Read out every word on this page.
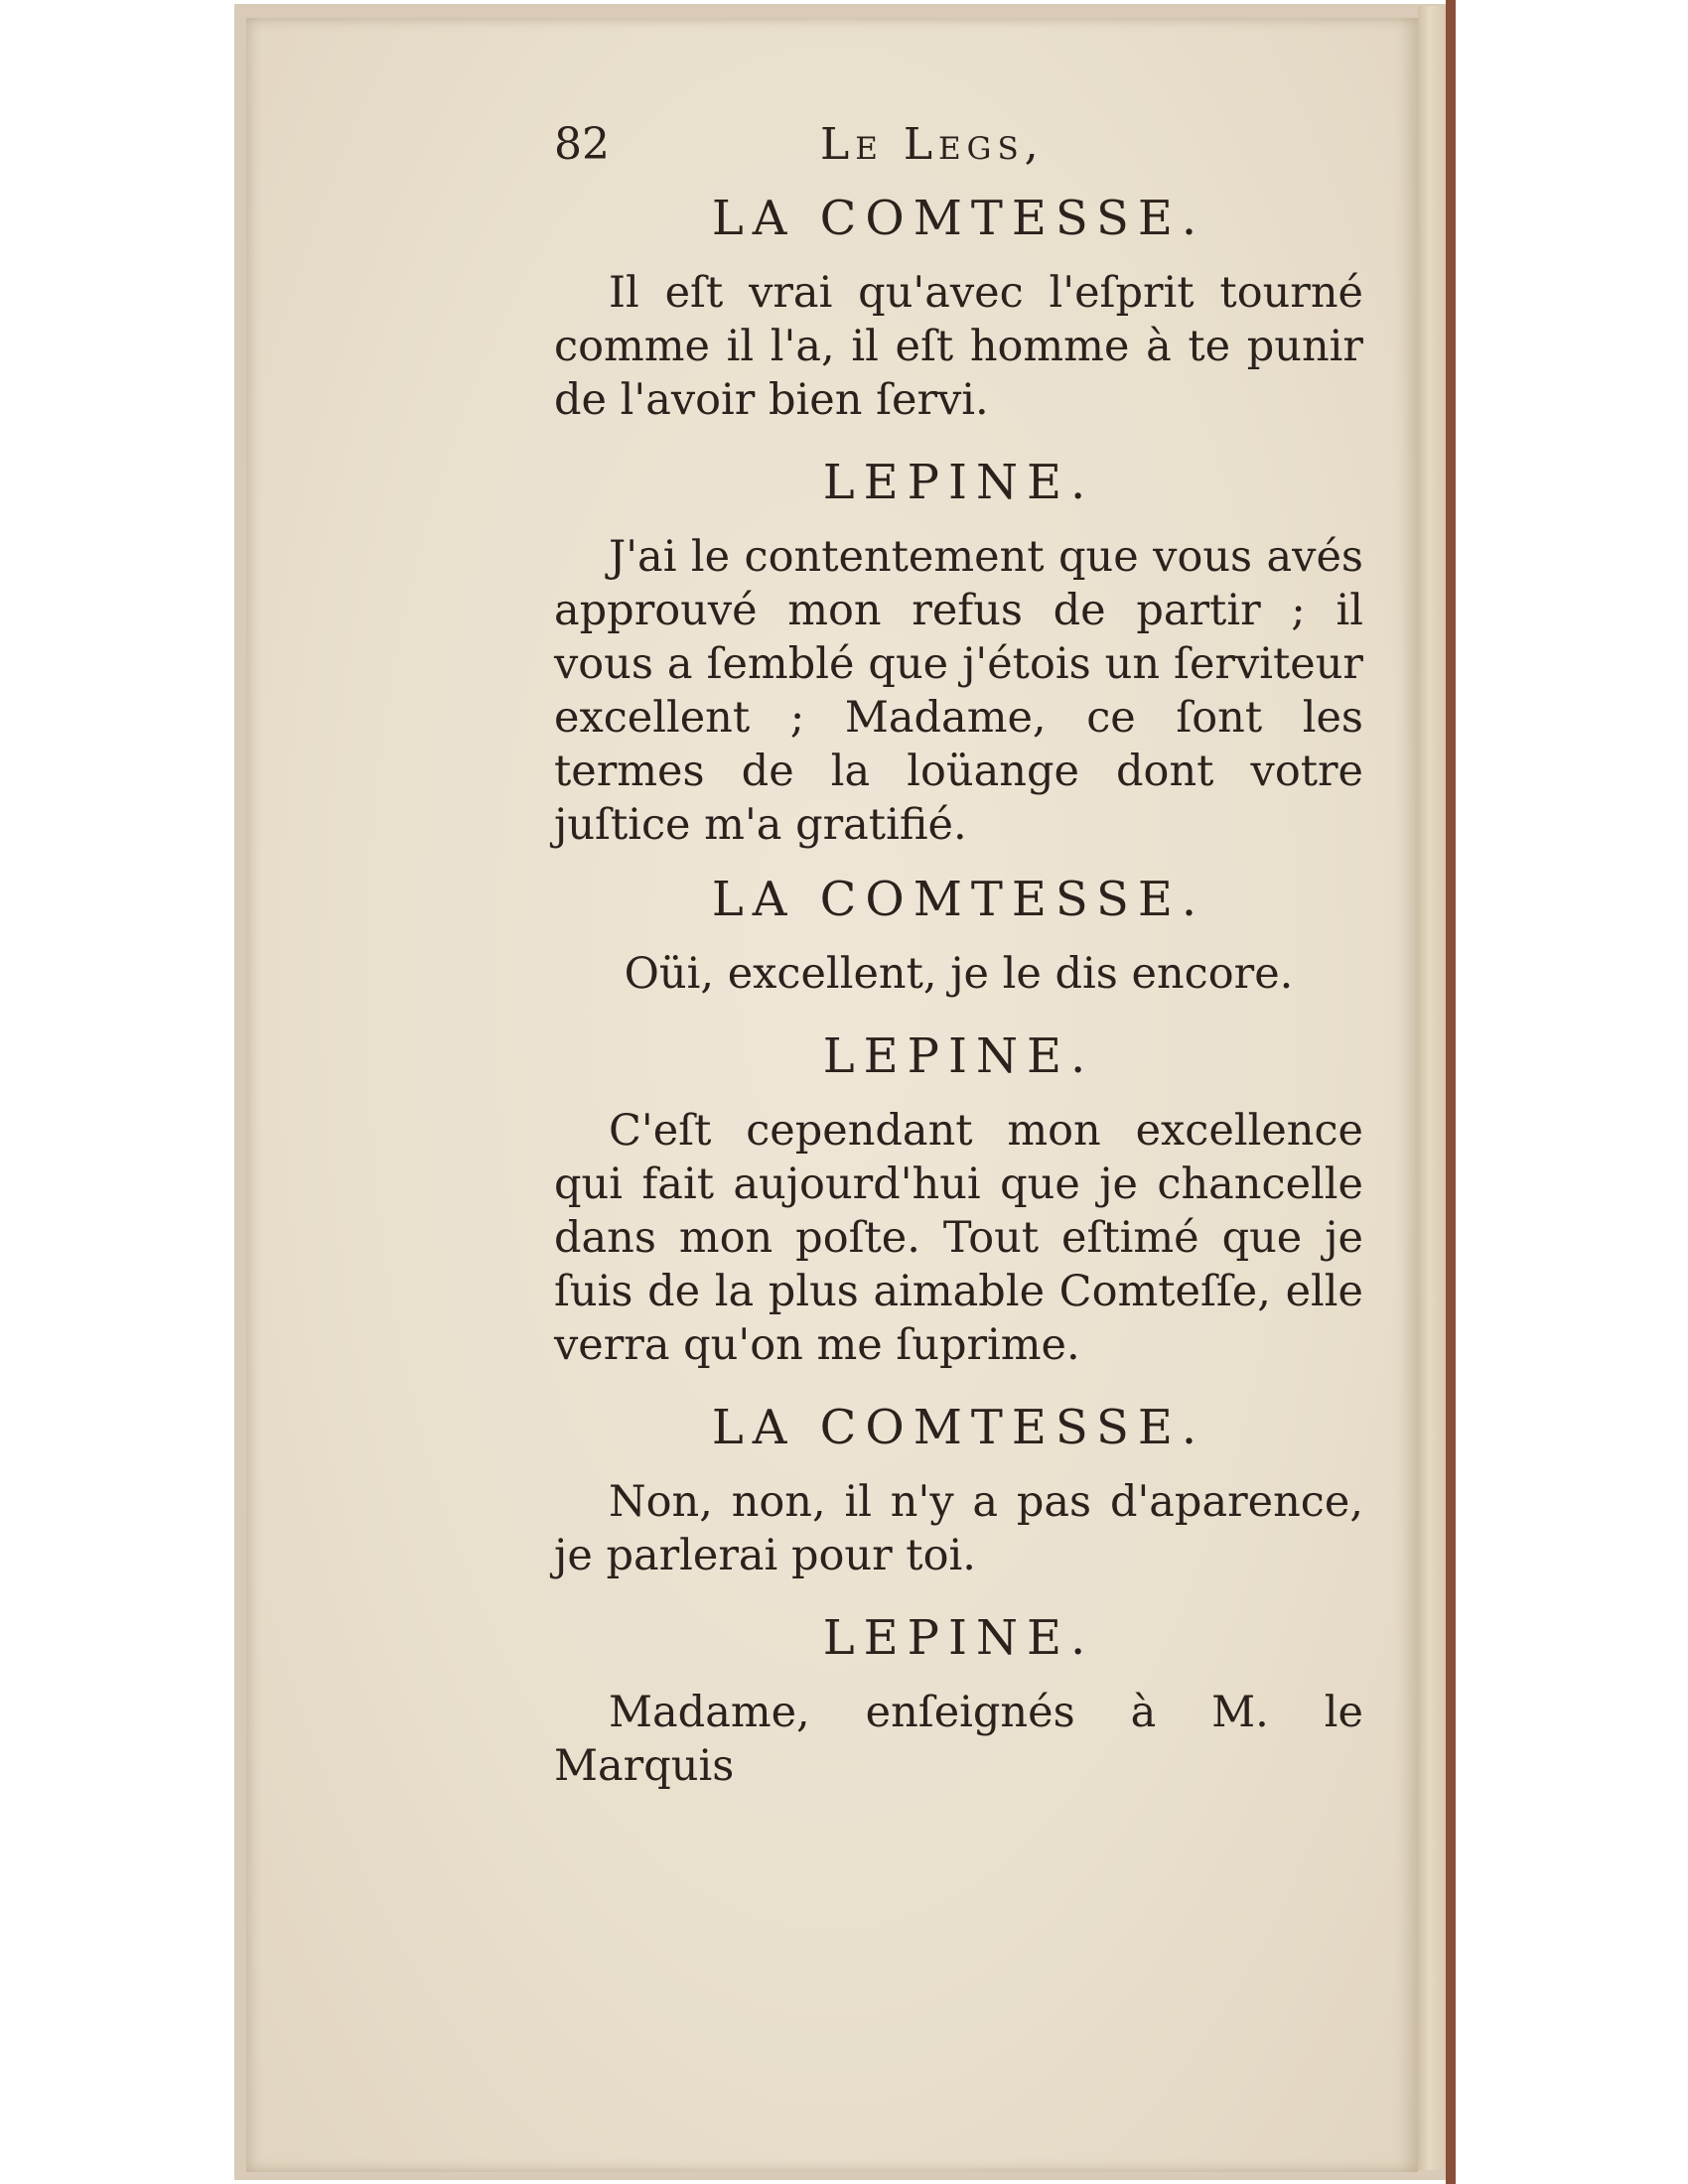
82	Le Legs,

LA COMTESSE.

Il eſt vrai qu'avec l'eſprit tourné comme il l'a, il eſt homme à te punir de l'avoir bien ſervi.

LEPINE.

J'ai le contentement que vous avés approuvé mon refus de partir ; il vous a ſemblé que j'étois un ſerviteur excellent ; Madame, ce ſont les termes de la loüange dont votre juſtice m'a gratifié.

LA COMTESSE.

Oüi, excellent, je le dis encore.

LEPINE.

C'eſt cependant mon excellence qui fait aujourd'hui que je chancelle dans mon poſte. Tout eſtimé que je ſuis de la plus aimable Comteſſe, elle verra qu'on me ſuprime.

LA COMTESSE.

Non, non, il n'y a pas d'aparence, je parlerai pour toi.

LEPINE.

Madame, enſeignés à M. le Marquis
